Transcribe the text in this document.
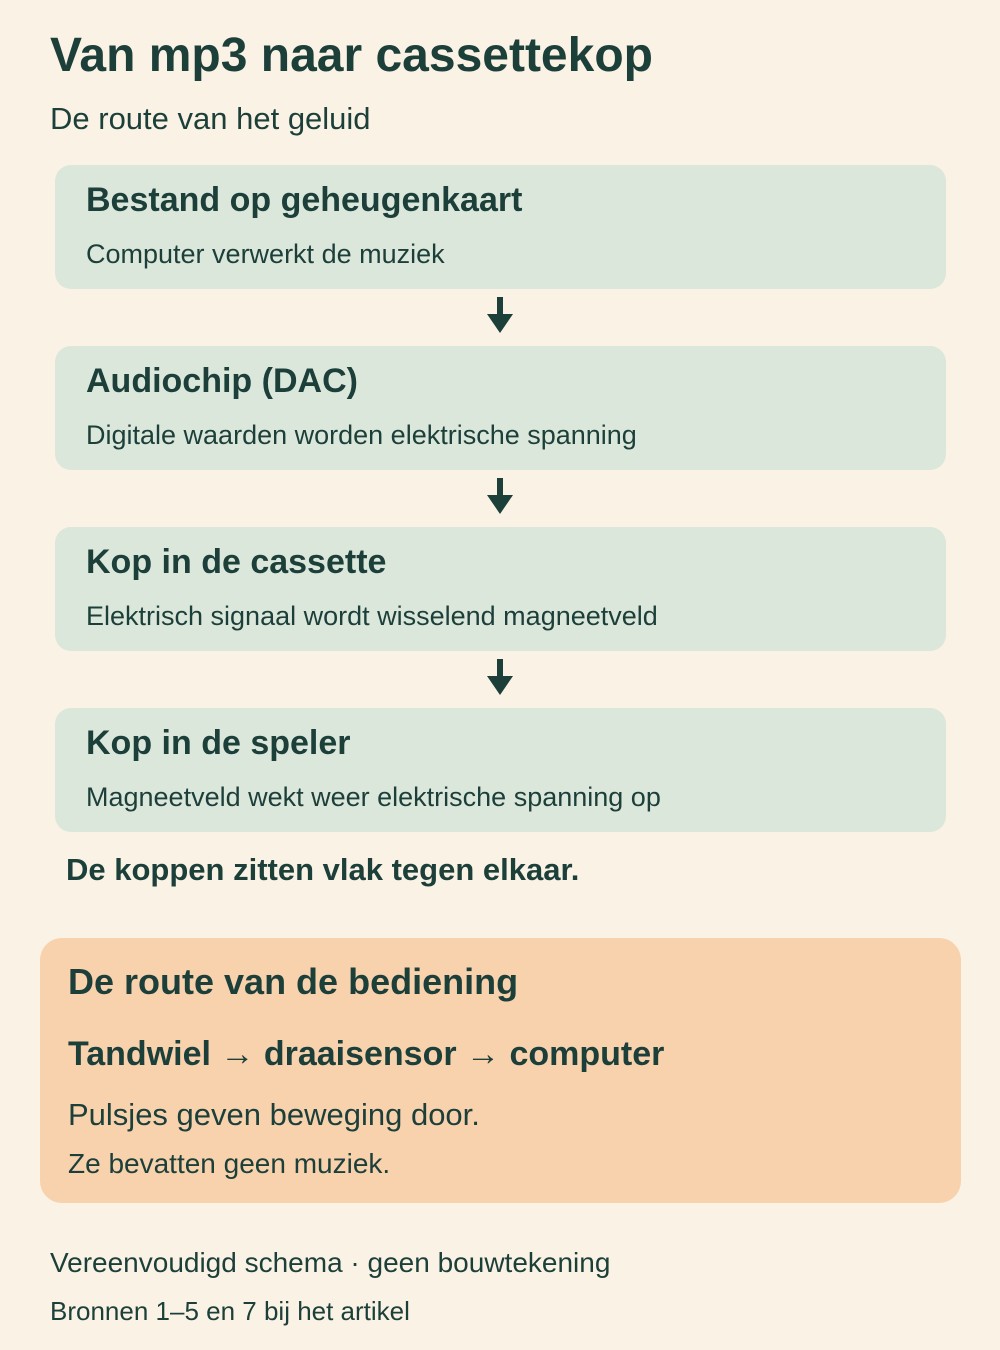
Van mp3 naar cassettekop
De route van het geluid
Bestand op geheugenkaart
Computer verwerkt de muziek
Audiochip (DAC)
Digitale waarden worden elektrische spanning
Kop in de cassette
Elektrisch signaal wordt wisselend magneetveld
Kop in de speler
Magneetveld wekt weer elektrische spanning op
De koppen zitten vlak tegen elkaar.
De route van de bediening
Tandwiel → draaisensor → computer
Pulsjes geven beweging door.
Ze bevatten geen muziek.
Vereenvoudigd schema · geen bouwtekening
Bronnen 1–5 en 7 bij het artikel
